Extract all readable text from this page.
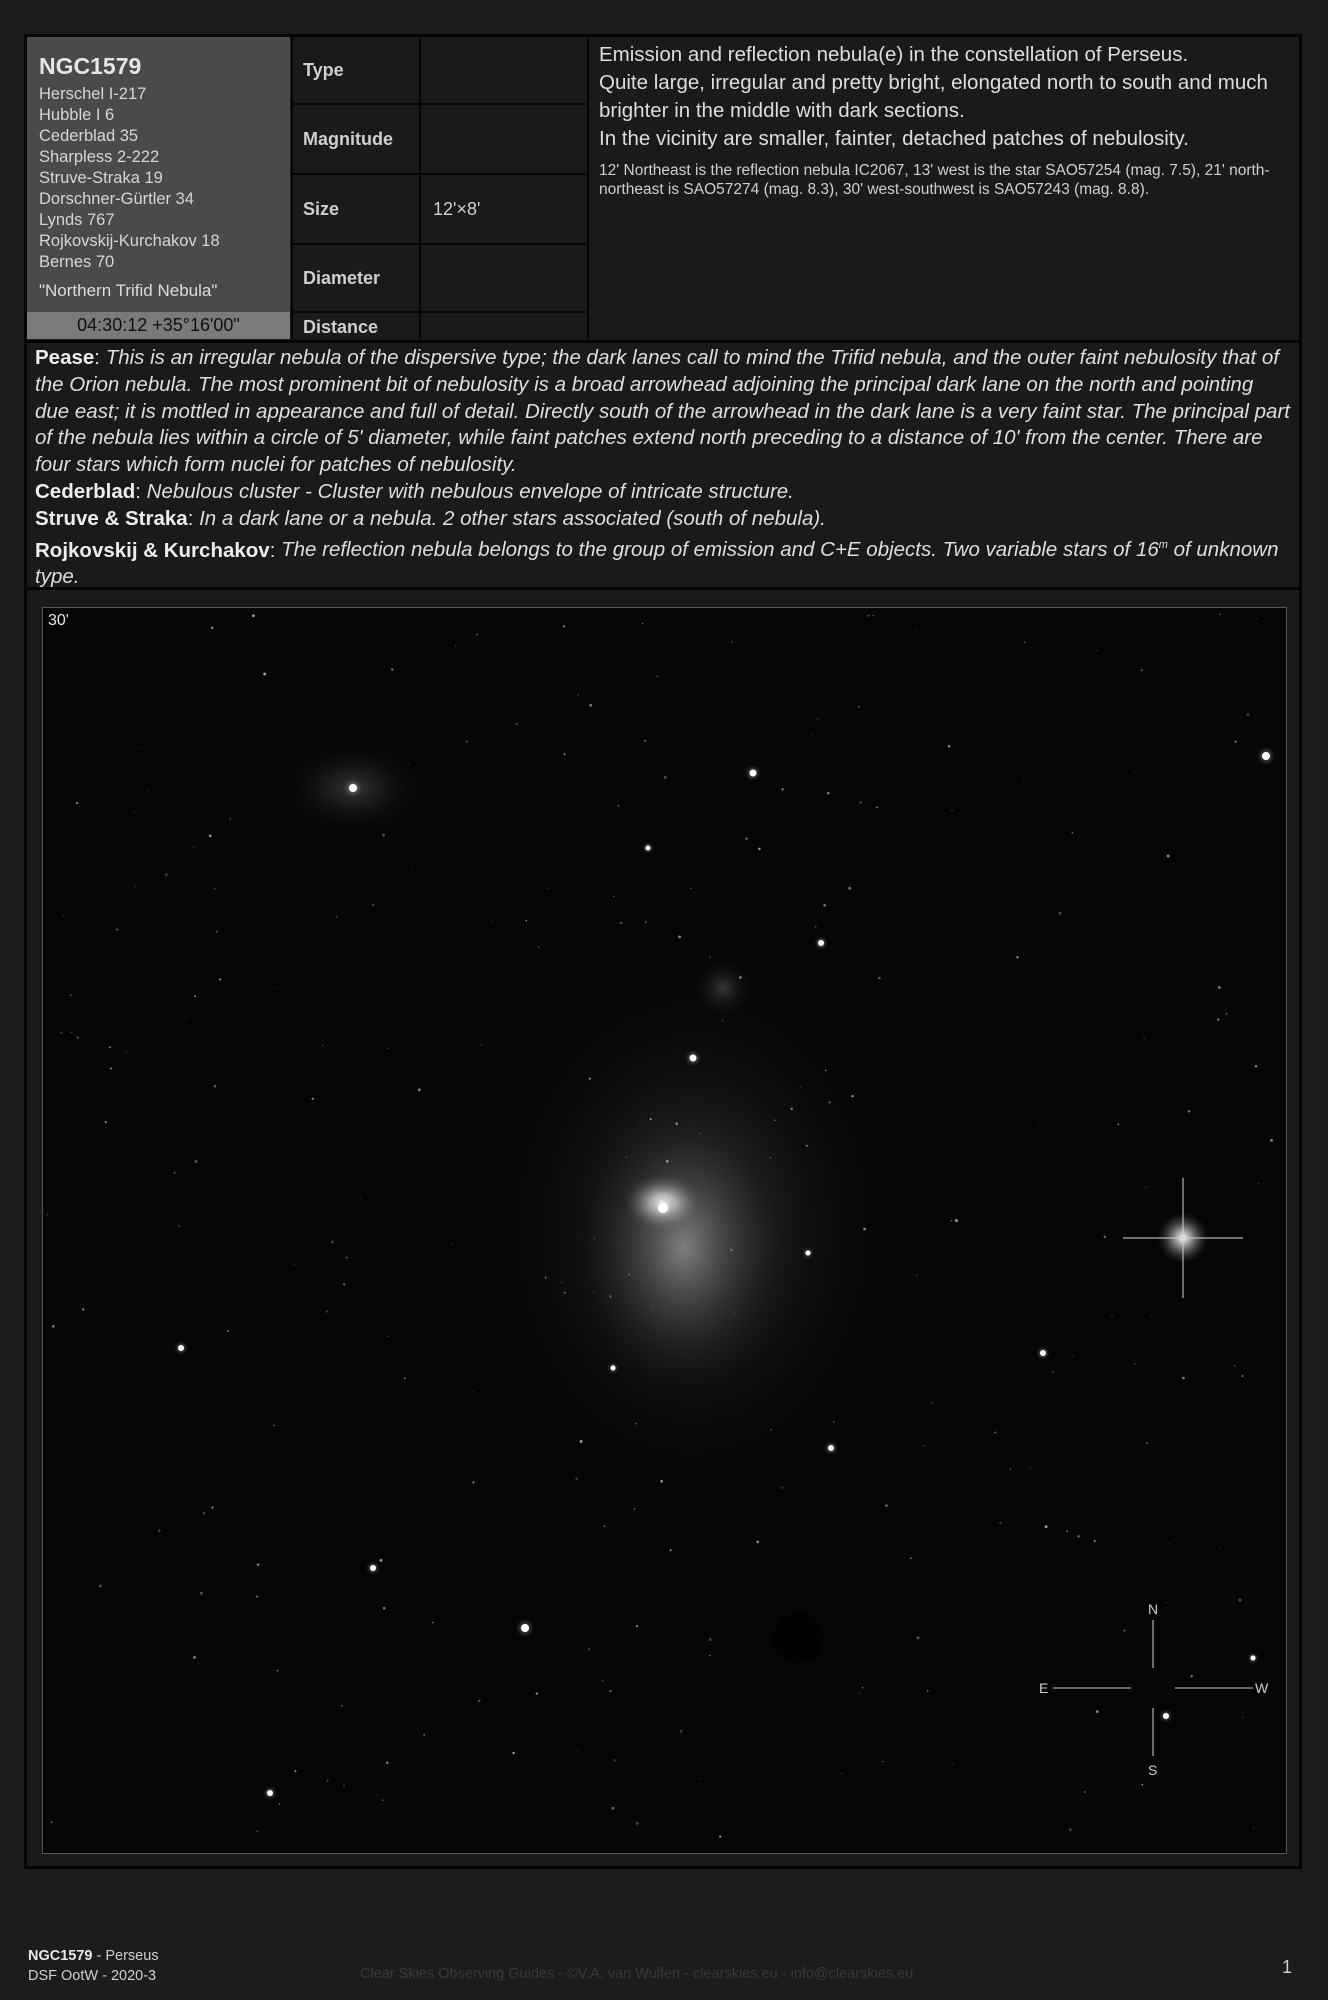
NGC1579
Herschel I-217
Hubble I 6
Cederblad 35
Sharpless 2-222
Struve-Straka 19
Dorschner-Gürtler 34
Lynds 767
Rojkovskij-Kurchakov 18
Bernes 70
"Northern Trifid Nebula"
04:30:12 +35°16'00"
Type
Magnitude
Size	12'×8'
Diameter
Distance
Emission and reflection nebula(e) in the constellation of Perseus.
Quite large, irregular and pretty bright, elongated north to south and much brighter in the middle with dark sections.
In the vicinity are smaller, fainter, detached patches of nebulosity.
12' Northeast is the reflection nebula IC2067, 13' west is the star SAO57254 (mag. 7.5), 21' north-northeast is SAO57274 (mag. 8.3), 30' west-southwest is SAO57243 (mag. 8.8).
Pease: This is an irregular nebula of the dispersive type; the dark lanes call to mind the Trifid nebula, and the outer faint nebulosity that of the Orion nebula. The most prominent bit of nebulosity is a broad arrowhead adjoining the principal dark lane on the north and pointing due east; it is mottled in appearance and full of detail. Directly south of the arrowhead in the dark lane is a very faint star. The principal part of the nebula lies within a circle of 5' diameter, while faint patches extend north preceding to a distance of 10' from the center. There are four stars which form nuclei for patches of nebulosity.
Cederblad: Nebulous cluster - Cluster with nebulous envelope of intricate structure.
Struve & Straka: In a dark lane or a nebula. 2 other stars associated (south of nebula).
Rojkovskij & Kurchakov: The reflection nebula belongs to the group of emission and C+E objects. Two variable stars of 16$^m$ of unknown type.
N
S
E	W
30'
NGC1579 - Perseus
DSF OotW - 2020-3	Clear Skies Observing Guides - ©V.A. van Wulfen - clearskies.eu - info@clearskies.eu	1
